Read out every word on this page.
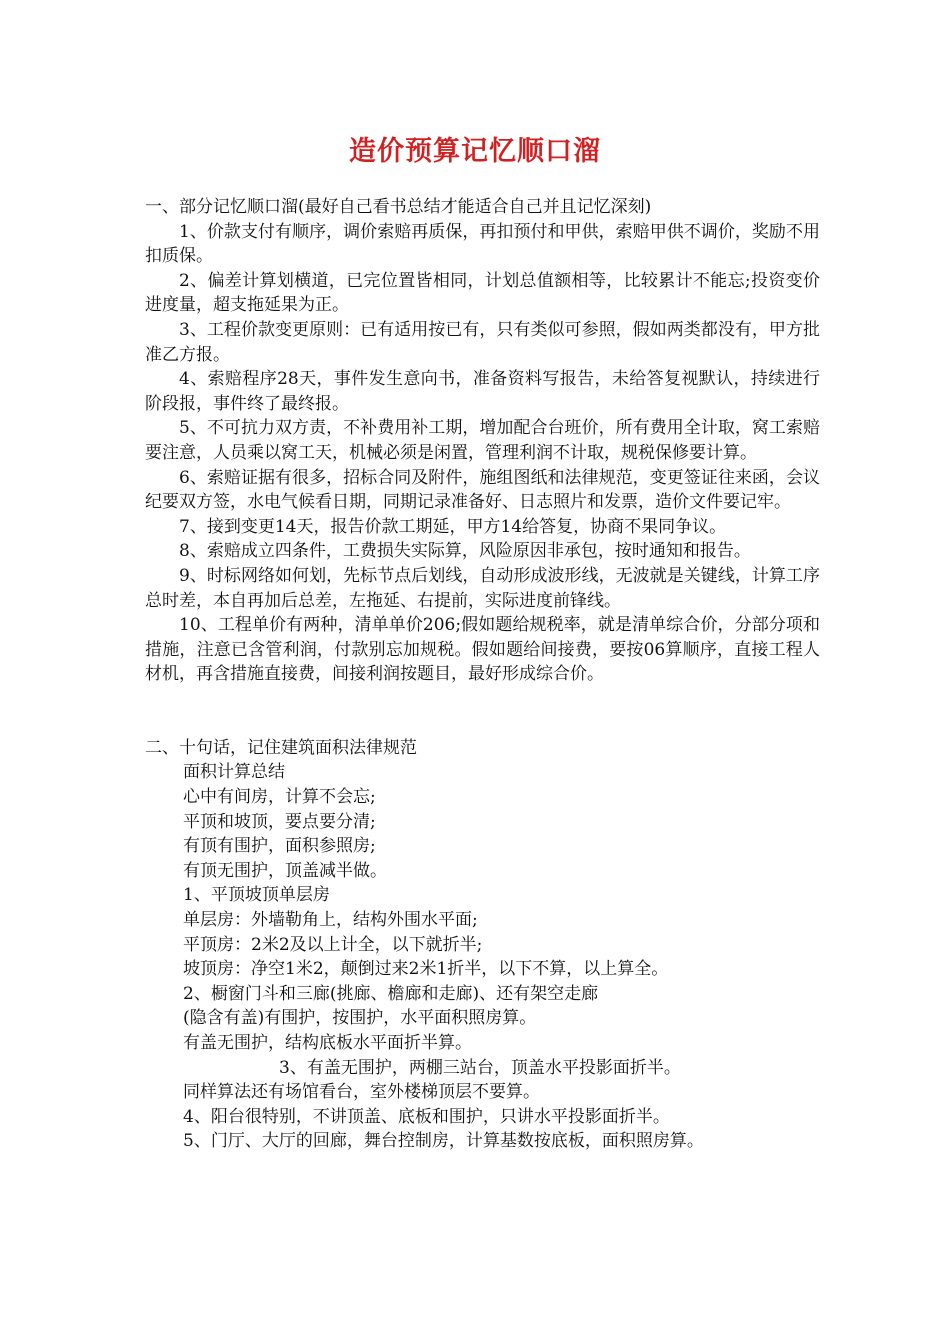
造价预算记忆顺口溜

一、部分记忆顺口溜(最好自己看书总结才能适合自己并且记忆深刻)

1、价款支付有顺序，调价索赔再质保，再扣预付和甲供，索赔甲供不调价，奖励不用扣质保。

2、偏差计算划横道，已完位置皆相同，计划总值额相等，比较累计不能忘;投资变价进度量，超支拖延果为正。

3、工程价款变更原则：已有适用按已有，只有类似可参照，假如两类都没有，甲方批准乙方报。

4、索赔程序28天，事件发生意向书，准备资料写报告，未给答复视默认，持续进行阶段报，事件终了最终报。

5、不可抗力双方责，不补费用补工期，增加配合台班价，所有费用全计取，窝工索赔要注意，人员乘以窝工天，机械必须是闲置，管理利润不计取，规税保修要计算。

6、索赔证据有很多，招标合同及附件，施组图纸和法律规范，变更签证往来函，会议纪要双方签，水电气候看日期，同期记录准备好、日志照片和发票，造价文件要记牢。

7、接到变更14天，报告价款工期延，甲方14给答复，协商不果同争议。

8、索赔成立四条件，工费损失实际算，风险原因非承包，按时通知和报告。

9、时标网络如何划，先标节点后划线，自动形成波形线，无波就是关键线，计算工序总时差，本自再加后总差，左拖延、右提前，实际进度前锋线。

10、工程单价有两种，清单单价206;假如题给规税率，就是清单综合价，分部分项和措施，注意已含管利润，付款别忘加规税。假如题给间接费，要按06算顺序，直接工程人材机，再含措施直接费，间接利润按题目，最好形成综合价。

二、十句话，记住建筑面积法律规范

面积计算总结

心中有间房，计算不会忘;

平顶和坡顶，要点要分清;

有顶有围护，面积参照房;

有顶无围护，顶盖减半做。

1、平顶坡顶单层房

单层房：外墙勒角上，结构外围水平面;

平顶房：2米2及以上计全，以下就折半;

坡顶房：净空1米2，颠倒过来2米1折半，以下不算，以上算全。

2、橱窗门斗和三廊(挑廊、檐廊和走廊)、还有架空走廊

(隐含有盖)有围护，按围护，水平面积照房算。

有盖无围护，结构底板水平面折半算。

3、有盖无围护，两棚三站台，顶盖水平投影面折半。

同样算法还有场馆看台，室外楼梯顶层不要算。

4、阳台很特别，不讲顶盖、底板和围护，只讲水平投影面折半。

5、门厅、大厅的回廊，舞台控制房，计算基数按底板，面积照房算。
